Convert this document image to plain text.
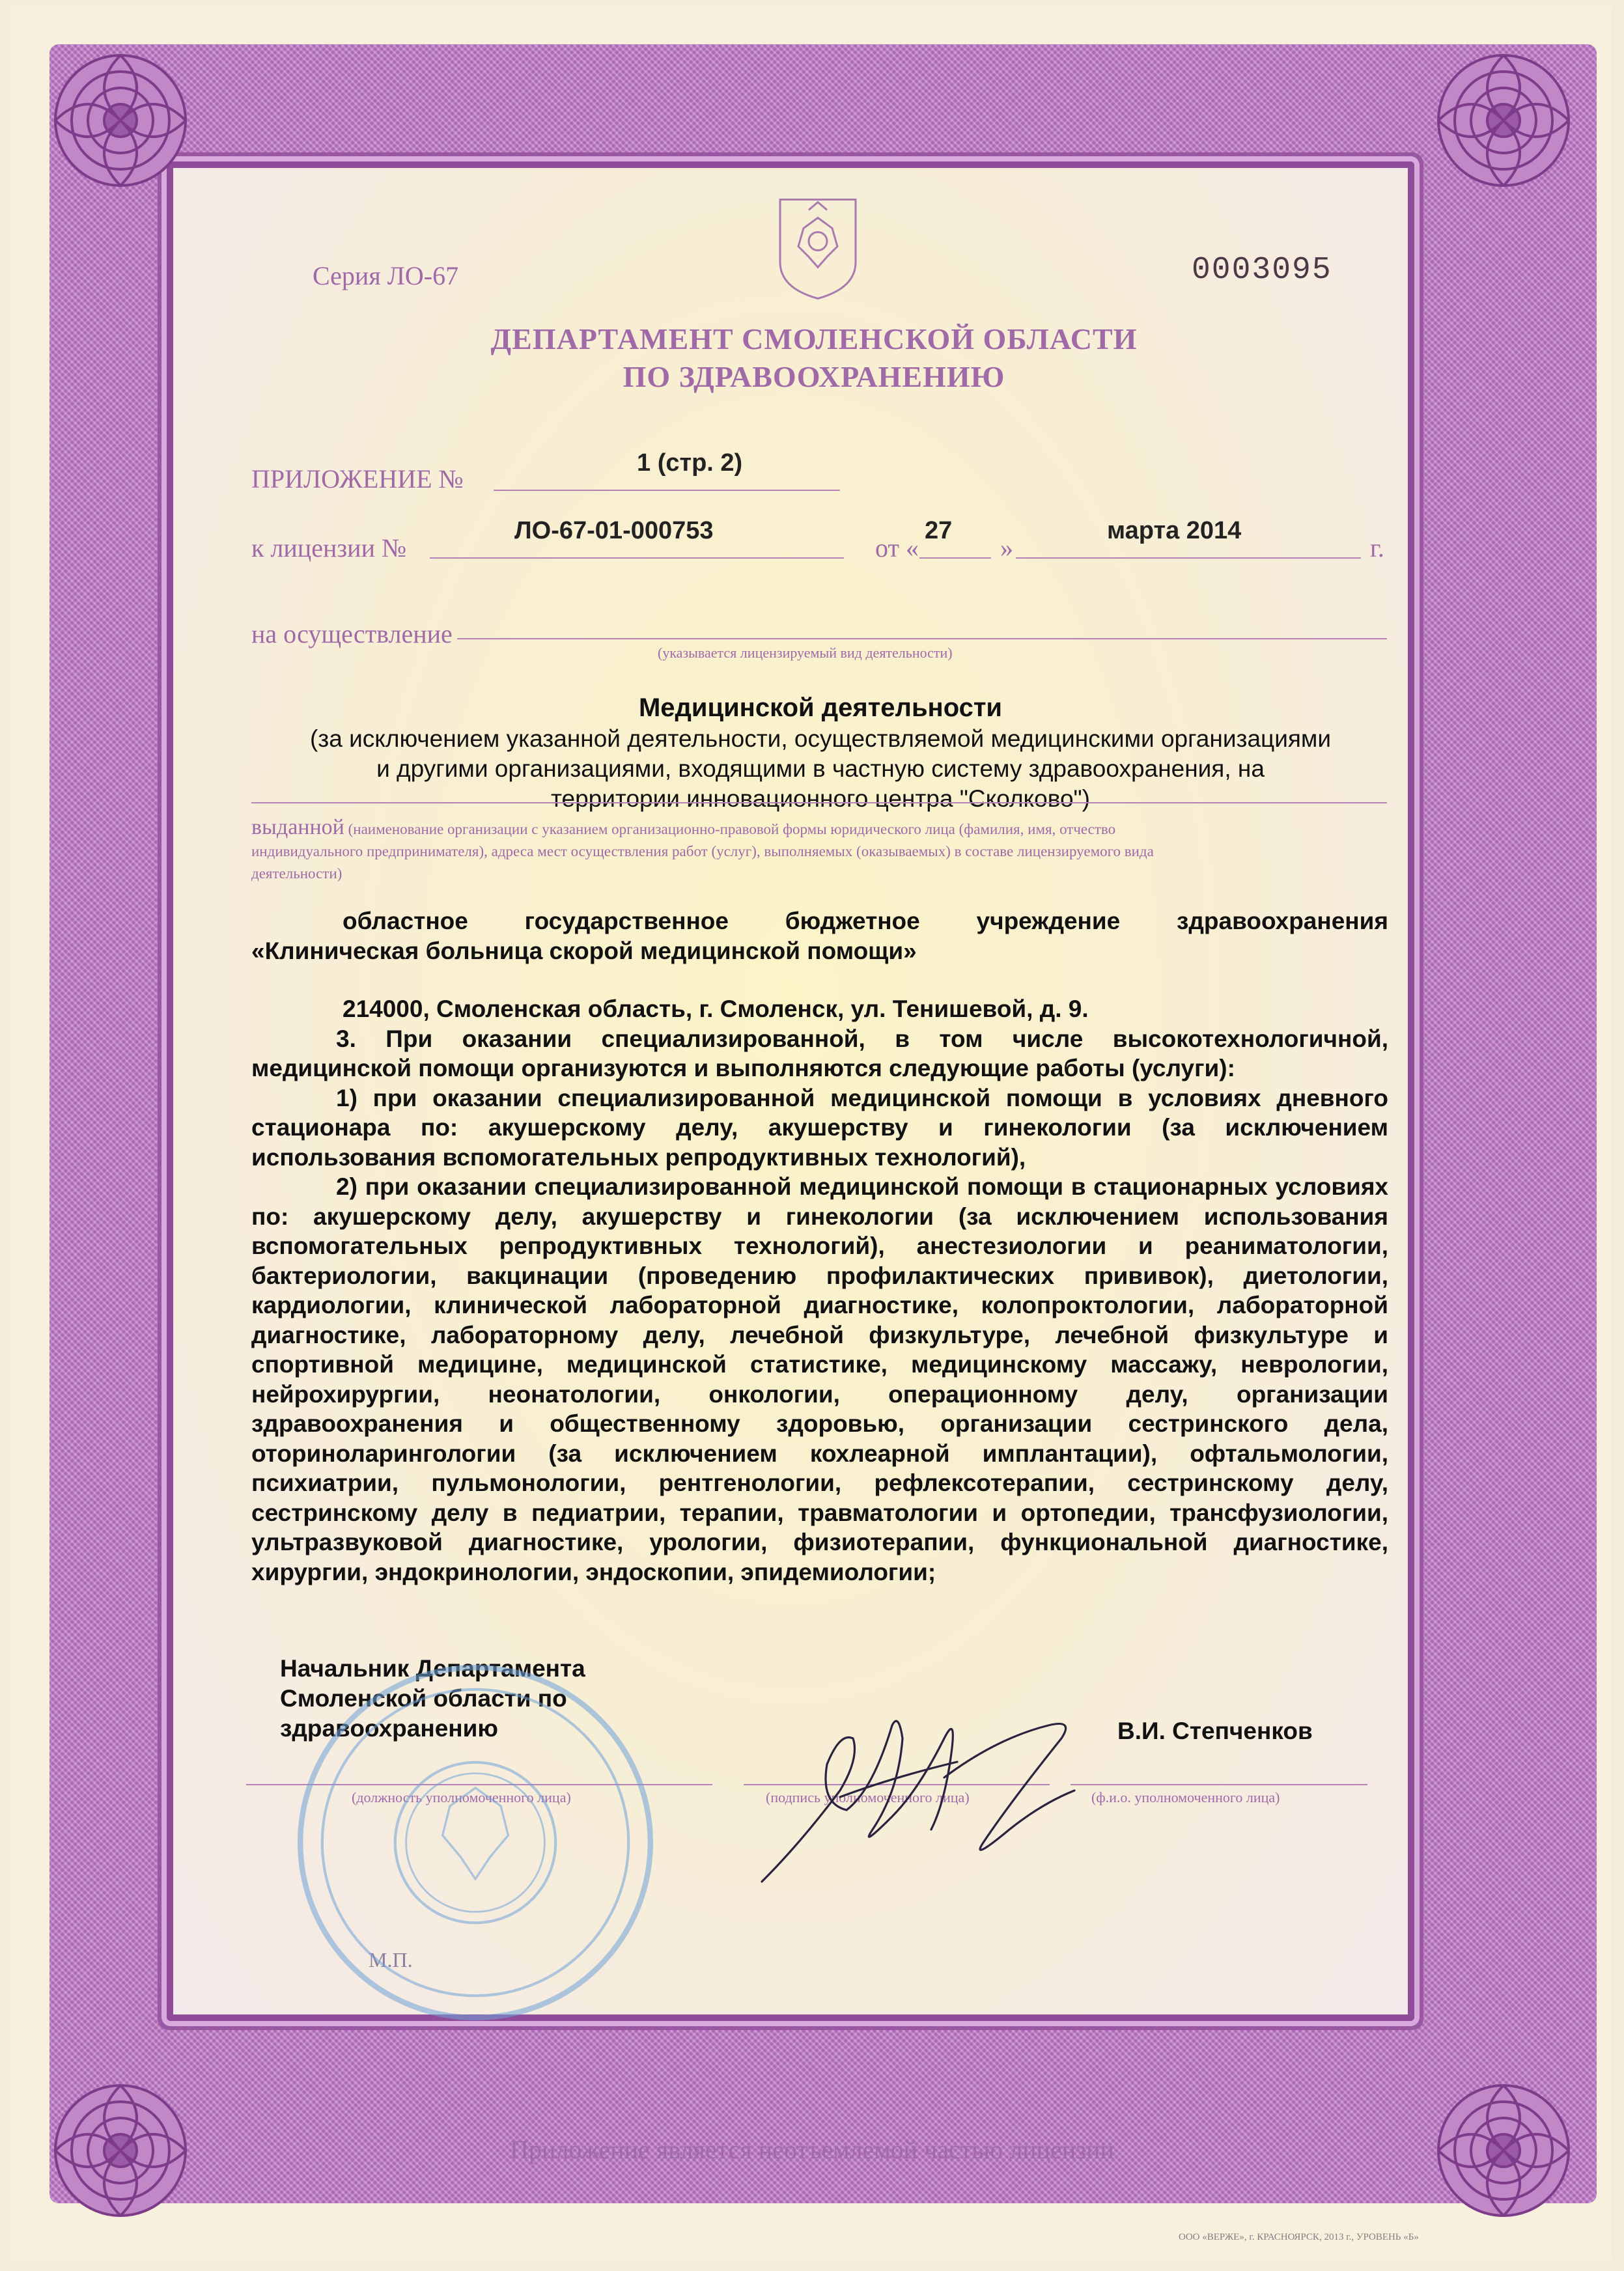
Серия ЛО-67	0003095
ДЕПАРТАМЕНТ СМОЛЕНСКОЙ ОБЛАСТИ
ПО ЗДРАВООХРАНЕНИЮ
ПРИЛОЖЕНИЕ №
1 (стр. 2)
к лицензии №
ЛО-67-01-000753
от «
27
»
марта 2014
г.
на осуществление
(указывается лицензируемый вид деятельности)
Медицинской деятельности
(за исключением указанной деятельности, осуществляемой медицинскими организациями
и другими организациями, входящими в частную систему здравоохранения, на
территории инновационного центра "Сколково")
выданной (наименование организации с указанием организационно-правовой формы юридического лица (фамилия, имя, отчество
индивидуального предпринимателя), адреса мест осуществления работ (услуг), выполняемых (оказываемых) в составе лицензируемого вида
деятельности)

областное государственное бюджетное учреждение здравоохранения

«Клиническая больница скорой медицинской помощи»

214000, Смоленская область, г. Смоленск, ул. Тенишевой, д. 9.

3. При оказании специализированной, в том числе высокотехнологичной, медицинской помощи организуются и выполняются следующие работы (услуги):

1) при оказании специализированной медицинской помощи в условиях дневного стационара по: акушерскому делу, акушерству и гинекологии (за исключением использования вспомогательных репродуктивных технологий),

2) при оказании специализированной медицинской помощи в стационарных условиях по: акушерскому делу, акушерству и гинекологии (за исключением использования вспомогательных репродуктивных технологий), анестезиологии и реаниматологии, бактериологии, вакцинации (проведению профилактических прививок), диетологии, кардиологии, клинической лабораторной диагностике, колопроктологии, лабораторной диагностике, лабораторному делу, лечебной физкультуре, лечебной физкультуре и спортивной медицине, медицинской статистике, медицинскому массажу, неврологии, нейрохирургии, неонатологии, онкологии, операционному делу, организации здравоохранения и общественному здоровью, организации сестринского дела, оториноларингологии (за исключением кохлеарной имплантации), офтальмологии, психиатрии, пульмонологии, рентгенологии, рефлексотерапии, сестринскому делу, сестринскому делу в педиатрии, терапии, травматологии и ортопедии, трансфузиологии, ультразвуковой диагностике, урологии, физиотерапии, функциональной диагностике, хирургии, эндокринологии, эндоскопии, эпидемиологии;

Начальник Департамента
Смоленской области по
здравоохранению	В.И. Степченков
(должность уполномоченного лица)	(подпись уполномоченного лица)	(ф.и.о. уполномоченного лица)
М.П.
Приложение является неотъемлемой частью лицензии
ООО «ВЕРЖЕ», г. КРАСНОЯРСК, 2013 г., УРОВЕНЬ «Б»
